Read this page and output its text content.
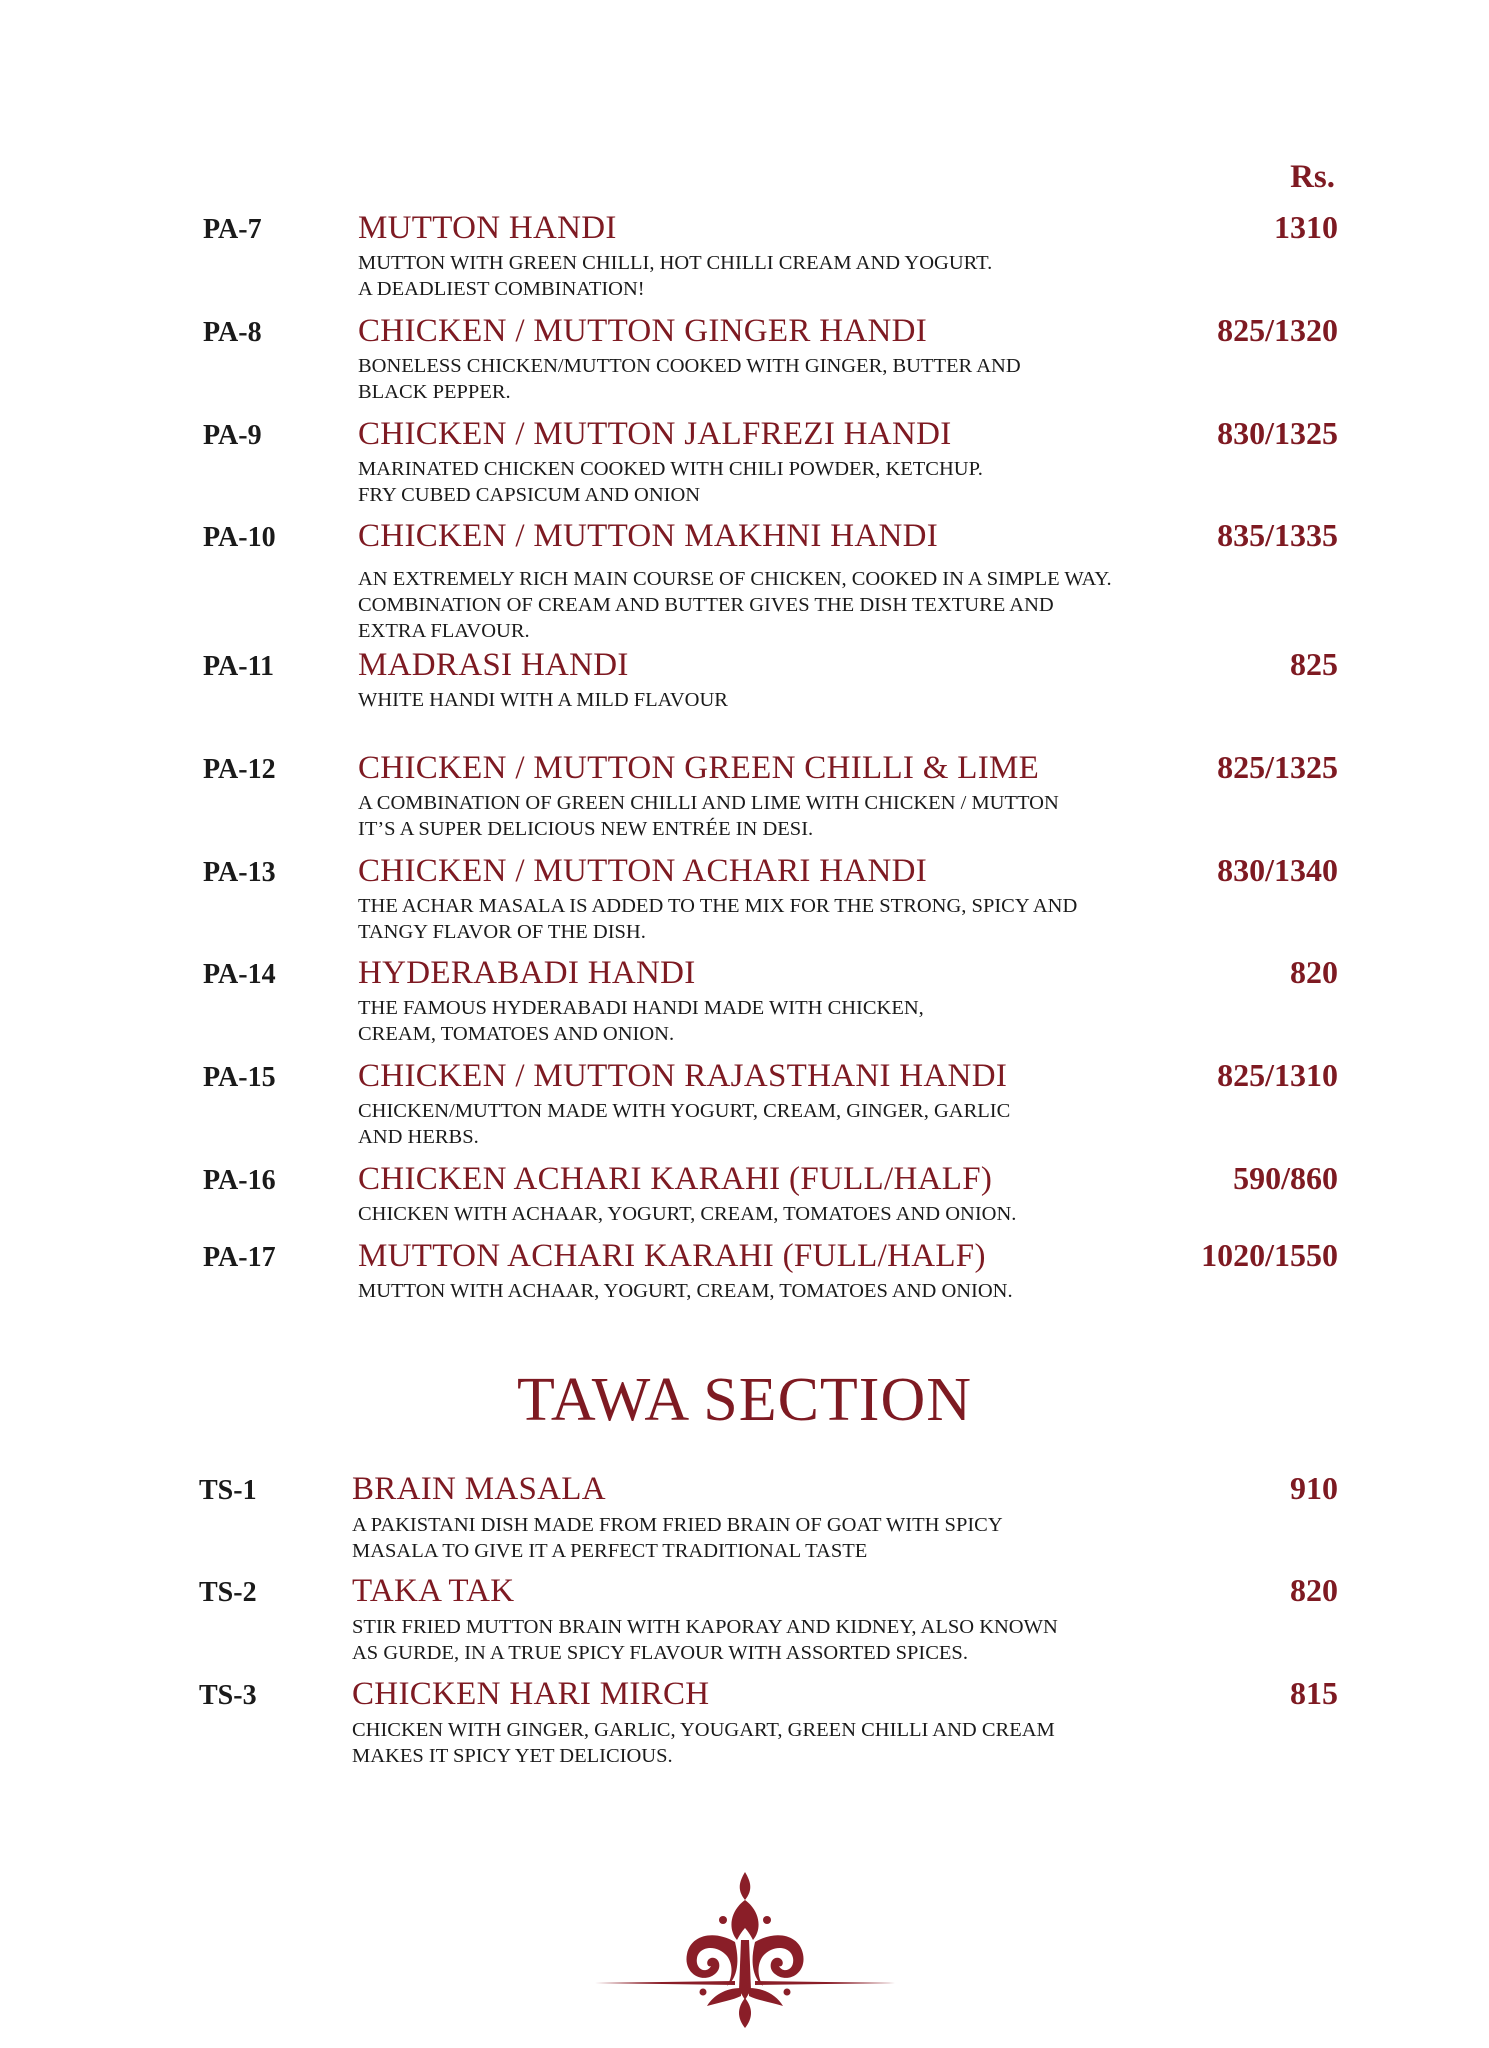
Rs.
PA-7	MUTTON HANDI	1310
MUTTON WITH GREEN CHILLI, HOT CHILLI CREAM AND YOGURT.
A DEADLIEST COMBINATION!
PA-8	CHICKEN / MUTTON GINGER HANDI	825/1320
BONELESS CHICKEN/MUTTON COOKED WITH GINGER, BUTTER AND
BLACK PEPPER.
PA-9	CHICKEN / MUTTON JALFREZI HANDI	830/1325
MARINATED CHICKEN COOKED WITH CHILI POWDER, KETCHUP.
FRY CUBED CAPSICUM AND ONION
PA-10 CHICKEN / MUTTON MAKHNI HANDI	835/1335
AN EXTREMELY RICH MAIN COURSE OF CHICKEN, COOKED IN A SIMPLE WAY.
COMBINATION OF CREAM AND BUTTER GIVES THE DISH TEXTURE AND
EXTRA FLAVOUR.
PA-11	MADRASI HANDI	825
WHITE HANDI WITH A MILD FLAVOUR
PA-12 CHICKEN / MUTTON GREEN CHILLI & LIME	825/1325
A COMBINATION OF GREEN CHILLI AND LIME WITH CHICKEN / MUTTON
IT’S A SUPER DELICIOUS NEW ENTRÉE IN DESI.
PA-13 CHICKEN / MUTTON ACHARI HANDI	830/1340
THE ACHAR MASALA IS ADDED TO THE MIX FOR THE STRONG, SPICY AND
TANGY FLAVOR OF THE DISH.
PA-14 HYDERABADI HANDI	820
THE FAMOUS HYDERABADI HANDI MADE WITH CHICKEN,
CREAM, TOMATOES AND ONION.
PA-15 CHICKEN / MUTTON RAJASTHANI HANDI	825/1310
CHICKEN/MUTTON MADE WITH YOGURT, CREAM, GINGER, GARLIC
AND HERBS.
PA-16 CHICKEN ACHARI KARAHI (FULL/HALF)	590/860
CHICKEN WITH ACHAAR, YOGURT, CREAM, TOMATOES AND ONION.
PA-17 MUTTON ACHARI KARAHI (FULL/HALF)	1020/1550
MUTTON WITH ACHAAR, YOGURT, CREAM, TOMATOES AND ONION.
TAWA SECTION
TS-1	BRAIN MASALA	910
A PAKISTANI DISH MADE FROM FRIED BRAIN OF GOAT WITH SPICY
MASALA TO GIVE IT A PERFECT TRADITIONAL TASTE
TS-2	TAKA TAK	820
STIR FRIED MUTTON BRAIN WITH KAPORAY AND KIDNEY, ALSO KNOWN
AS GURDE, IN A TRUE SPICY FLAVOUR WITH ASSORTED SPICES.
TS-3	CHICKEN HARI MIRCH	815
CHICKEN WITH GINGER, GARLIC, YOUGART, GREEN CHILLI AND CREAM
MAKES IT SPICY YET DELICIOUS.
